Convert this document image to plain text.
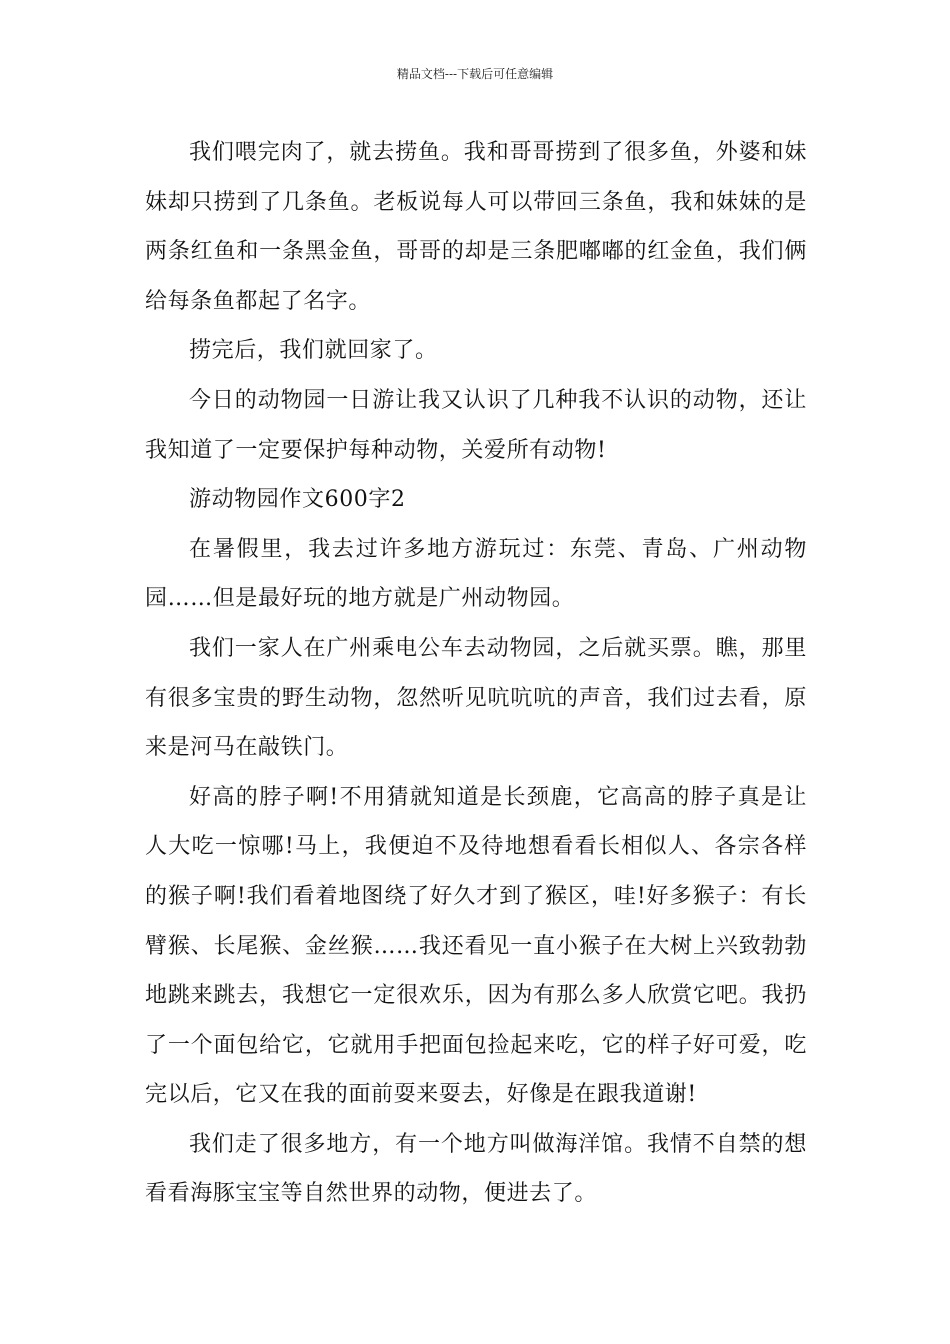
精品文档---下载后可任意编辑

我们喂完肉了，就去捞鱼。我和哥哥捞到了很多鱼，外婆和妹妹却只捞到了几条鱼。老板说每人可以带回三条鱼，我和妹妹的是两条红鱼和一条黑金鱼，哥哥的却是三条肥嘟嘟的红金鱼，我们俩给每条鱼都起了名字。

捞完后，我们就回家了。

今日的动物园一日游让我又认识了几种我不认识的动物，还让我知道了一定要保护每种动物，关爱所有动物!

游动物园作文600字2

在暑假里，我去过许多地方游玩过：东莞、青岛、广州动物园……但是最好玩的地方就是广州动物园。

我们一家人在广州乘电公车去动物园，之后就买票。瞧，那里有很多宝贵的野生动物，忽然听见吭吭吭的声音，我们过去看，原来是河马在敲铁门。

好高的脖子啊!不用猜就知道是长颈鹿，它高高的脖子真是让人大吃一惊哪!马上，我便迫不及待地想看看长相似人、各宗各样的猴子啊!我们看着地图绕了好久才到了猴区，哇!好多猴子：有长臂猴、长尾猴、金丝猴……我还看见一直小猴子在大树上兴致勃勃地跳来跳去，我想它一定很欢乐，因为有那么多人欣赏它吧。我扔了一个面包给它，它就用手把面包捡起来吃，它的样子好可爱，吃完以后，它又在我的面前耍来耍去，好像是在跟我道谢!

我们走了很多地方，有一个地方叫做海洋馆。我情不自禁的想看看海豚宝宝等自然世界的动物，便进去了。
